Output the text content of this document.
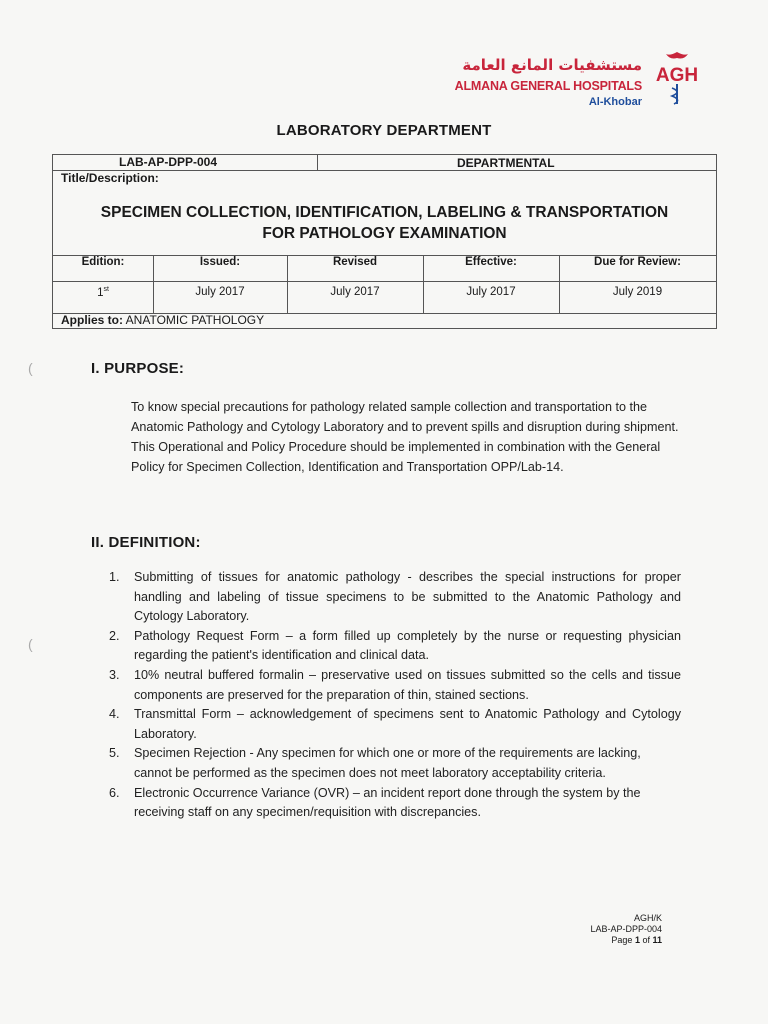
مستشفيات المانع العامة
ALMANA GENERAL HOSPITALS
Al-Khobar
AGH
LABORATORY DEPARTMENT
LAB-AP-DPP-004	DEPARTMENTAL
Title/Description:
SPECIMEN COLLECTION, IDENTIFICATION, LABELING & TRANSPORTATION
FOR PATHOLOGY EXAMINATION
Edition:	Issued:	Revised	Effective:	Due for Review:
1st	July 2017	July 2017	July 2017	July 2019
Applies to: ANATOMIC PATHOLOGY
(
(
I. PURPOSE:
To know special precautions for pathology related sample collection and transportation to the Anatomic Pathology and Cytology Laboratory and to prevent spills and disruption during shipment. This Operational and Policy Procedure should be implemented in combination with the General Policy for Specimen Collection, Identification and Transportation OPP/Lab-14.
II. DEFINITION:
1. Submitting of tissues for anatomic pathology - describes the special instructions for proper handling and labeling of tissue specimens to be submitted to the Anatomic Pathology and Cytology Laboratory.
2. Pathology Request Form – a form filled up completely by the nurse or requesting physician regarding the patient's identification and clinical data.
3. 10% neutral buffered formalin – preservative used on tissues submitted so the cells and tissue components are preserved for the preparation of thin, stained sections.
4. Transmittal Form – acknowledgement of specimens sent to Anatomic Pathology and Cytology Laboratory.
5. Specimen Rejection - Any specimen for which one or more of the requirements are lacking, cannot be performed as the specimen does not meet laboratory acceptability criteria.
6. Electronic Occurrence Variance (OVR) – an incident report done through the system by the receiving staff on any specimen/requisition with discrepancies.
AGH/K
LAB-AP-DPP-004
Page 1 of 11
